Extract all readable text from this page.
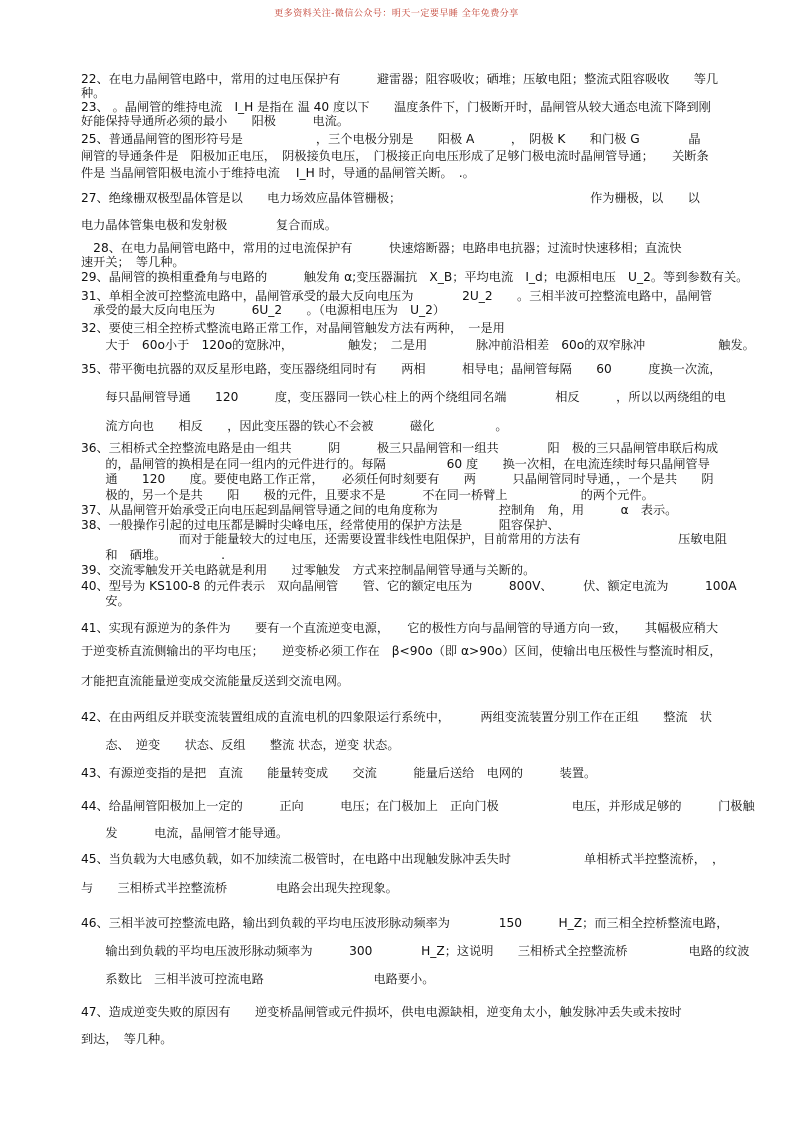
更多资料关注-微信公众号：明天一定要早睡 全年免费分享
22、在电力晶闸管电路中，常用的过电压保护有　　　避雷器；阻容吸收；硒堆；压敏电阻；整流式阻容吸收　　等几
种。
23、 。晶闸管的维持电流　I_H 是指在 温 40 度以下　　温度条件下，门极断开时，晶闸管从较大通态电流下降到刚
好能保持导通所必须的最小　　阳极　　　电流。
25、普通晶闸管的图形符号是　　　　　　，三个电极分别是　　阳极 A　　　，　阴极 K　　和门极 G　　　　晶
闸管的导通条件是　阳极加正电压，　阴极接负电压，　门极接正向电压形成了足够门极电流时晶闸管导通；　　关断条
件是 当晶闸管阳极电流小于维持电流　 I_H 时，导通的晶闸管关断。　.。
27、绝缘栅双极型晶体管是以　　电力场效应晶体管栅极；　　　　　　　　　　　　　　　　作为栅极，以　　以
电力晶体管集电极和发射极　　　　复合而成。
　28、在电力晶闸管电路中，常用的过电流保护有　　　快速熔断器；电路串电抗器；过流时快速移相；直流快
速开关；　等几种。
29、晶闸管的换相重叠角与电路的　　　触发角 α;变压器漏抗　X_B；平均电流　I_d；电源相电压　U_2。等到参数有关。
31、单相全波可控整流电路中，晶闸管承受的最大反向电压为　　　　2U_2　　。三相半波可控整流电路中，晶闸管
　承受的最大反向电压为　　　6U_2　　。（电源相电压为　U_2）
32、要使三相全控桥式整流电路正常工作，对晶闸管触发方法有两种，　一是用
　　大于　60o小于　120o的宽脉冲，　　　　　触发；　二是用　　　　脉冲前沿相差　60o的双窄脉冲　　　　　　触发。
35、带平衡电抗器的双反星形电路，变压器绕组同时有　　两相　　　相导电；晶闸管每隔　　60　　　度换一次流，
　　每只晶闸管导通　　120　　　度，变压器同一铁心柱上的两个绕组同名端　　　　相反　　　，所以以两绕组的电
　　流方向也　　相反　　，因此变压器的铁心不会被　　　磁化　　　　　。
36、三相桥式全控整流电路是由一组共　　　阴　　　极三只晶闸管和一组共　　　　阳　极的三只晶闸管串联后构成
　　的，晶闸管的换相是在同一组内的元件进行的。每隔　　　　　60 度　　换一次相，在电流连续时每只晶闸管导
　　通　　120　　度。要使电路工作正常，　　必须任何时刻要有　　两　　　只晶闸管同时导通，，一个是共　　阴
　　极的，另一个是共　　阳　　极的元件，且要求不是　　　不在同一桥臂上　　　　　　的两个元件。
37、从晶闸管开始承受正向电压起到晶闸管导通之间的电角度称为　　　　　控制角　角，用　　　α　表示。
38、一般操作引起的过电压都是瞬时尖峰电压，经常使用的保护方法是　　　阻容保护、
　　　　　　　　而对于能量较大的过电压，还需要设置非线性电阻保护，目前常用的方法有　　　　　　　　压敏电阻
　　和　硒堆。　　　　　.
39、交流零触发开关电路就是利用　　过零触发　方式来控制晶闸管导通与关断的。
40、型号为 KS100-8 的元件表示　双向晶闸管　　管、它的额定电压为　　　800V、　　　伏、额定电流为　　　100A
　　安。
41、实现有源逆为的条件为　　要有一个直流逆变电源，　　它的极性方向与晶闸管的导通方向一致，　　其幅极应稍大
于逆变桥直流侧输出的平均电压；　　逆变桥必须工作在　β<90o（即 α>90o）区间，使输出电压极性与整流时相反，
才能把直流能量逆变成交流能量反送到交流电网。
42、在由两组反并联变流装置组成的直流电机的四象限运行系统中，　　　两组变流装置分别工作在正组　　整流　状
　　态、　逆变　　状态、反组　　整流 状态，逆变 状态。
43、有源逆变指的是把　直流　　能量转变成　　交流　　　能量后送给　电网的　　　装置。
44、给晶闸管阳极加上一定的　　　正向　　　电压；在门极加上　正向门极　　　　　　电压，并形成足够的　　　门极触
　　发　　　电流，晶闸管才能导通。
45、当负载为大电感负载，如不加续流二极管时，在电路中出现触发脉冲丢失时　　　　　　单相桥式半控整流桥，　，
与　　三相桥式半控整流桥　　　　电路会出现失控现象。
46、三相半波可控整流电路，输出到负载的平均电压波形脉动频率为　　　　150　　　H_Z；而三相全控桥整流电路，
　　输出到负载的平均电压波形脉动频率为　　　300　　　　H_Z；这说明　　三相桥式全控整流桥　　　　　电路的纹波
　　系数比　三相半波可控流电路　　　　　　　　　电路要小。
47、造成逆变失败的原因有　　逆变桥晶闸管或元件损坏，供电电源缺相，逆变角太小，触发脉冲丢失或未按时
到达，　等几种。
